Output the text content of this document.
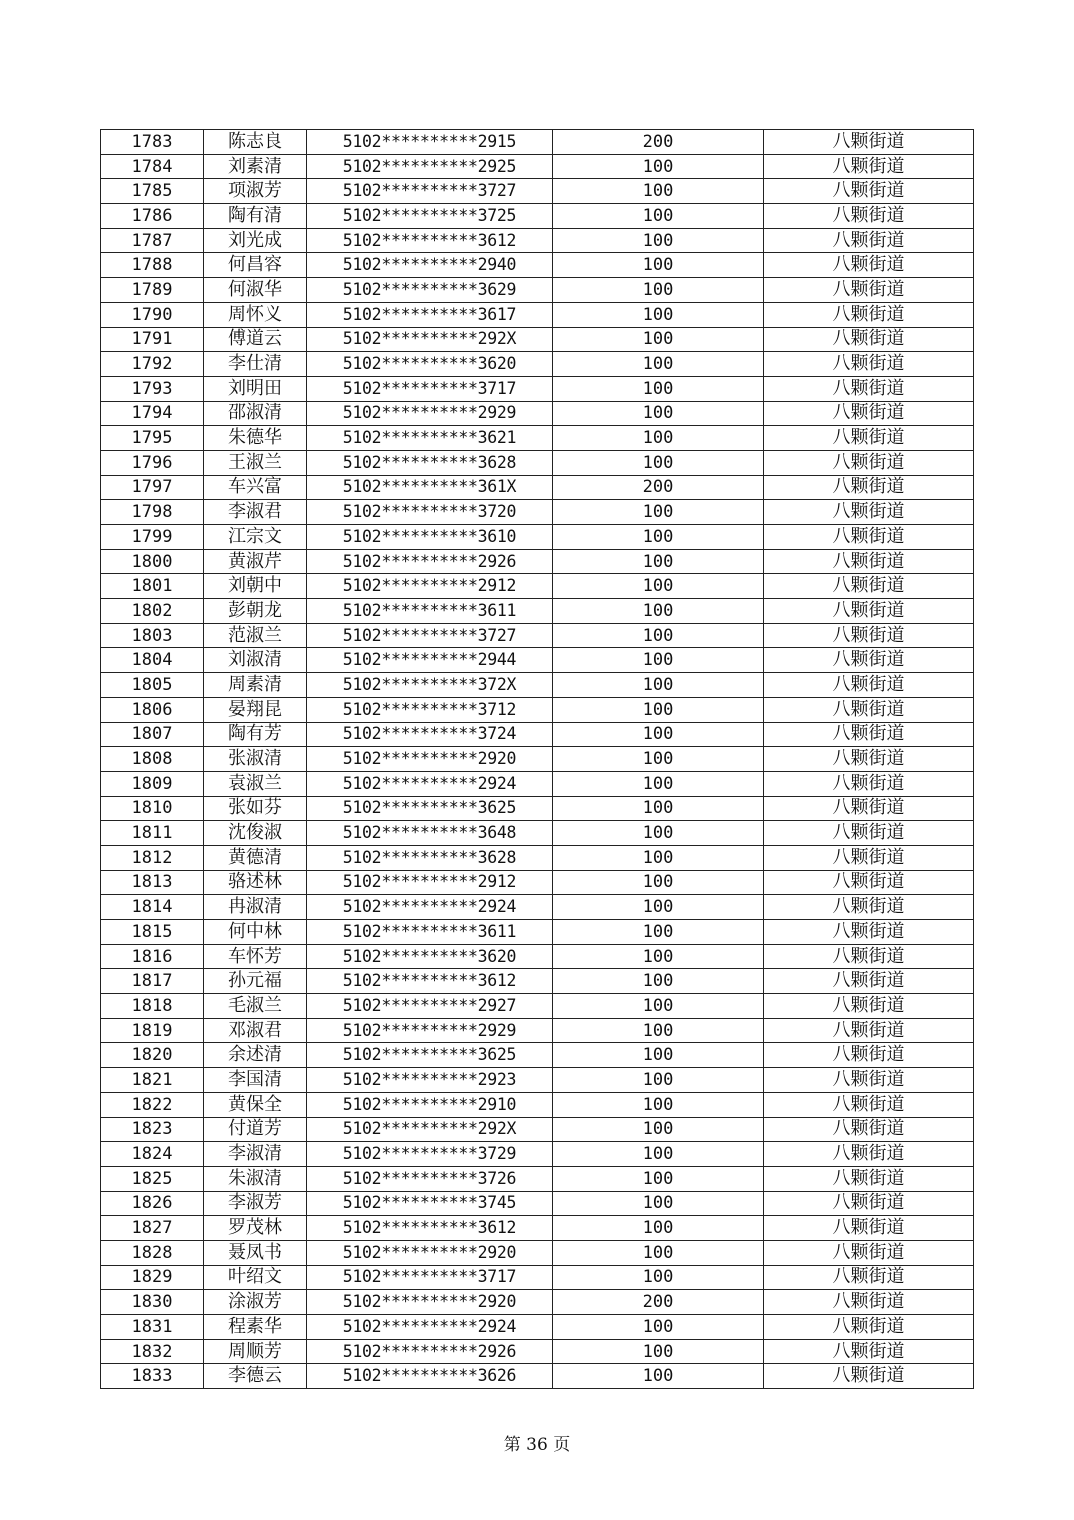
1783	陈志良	5102**********2915	200	八颗街道
1784	刘素清	5102**********2925	100	八颗街道
1785	项淑芳	5102**********3727	100	八颗街道
1786	陶有清	5102**********3725	100	八颗街道
1787	刘光成	5102**********3612	100	八颗街道
1788	何昌容	5102**********2940	100	八颗街道
1789	何淑华	5102**********3629	100	八颗街道
1790	周怀义	5102**********3617	100	八颗街道
1791	傅道云	5102**********292X	100	八颗街道
1792	李仕清	5102**********3620	100	八颗街道
1793	刘明田	5102**********3717	100	八颗街道
1794	邵淑清	5102**********2929	100	八颗街道
1795	朱德华	5102**********3621	100	八颗街道
1796	王淑兰	5102**********3628	100	八颗街道
1797	车兴富	5102**********361X	200	八颗街道
1798	李淑君	5102**********3720	100	八颗街道
1799	江宗文	5102**********3610	100	八颗街道
1800	黄淑芹	5102**********2926	100	八颗街道
1801	刘朝中	5102**********2912	100	八颗街道
1802	彭朝龙	5102**********3611	100	八颗街道
1803	范淑兰	5102**********3727	100	八颗街道
1804	刘淑清	5102**********2944	100	八颗街道
1805	周素清	5102**********372X	100	八颗街道
1806	晏翔昆	5102**********3712	100	八颗街道
1807	陶有芳	5102**********3724	100	八颗街道
1808	张淑清	5102**********2920	100	八颗街道
1809	袁淑兰	5102**********2924	100	八颗街道
1810	张如芬	5102**********3625	100	八颗街道
1811	沈俊淑	5102**********3648	100	八颗街道
1812	黄德清	5102**********3628	100	八颗街道
1813	骆述林	5102**********2912	100	八颗街道
1814	冉淑清	5102**********2924	100	八颗街道
1815	何中林	5102**********3611	100	八颗街道
1816	车怀芳	5102**********3620	100	八颗街道
1817	孙元福	5102**********3612	100	八颗街道
1818	毛淑兰	5102**********2927	100	八颗街道
1819	邓淑君	5102**********2929	100	八颗街道
1820	余述清	5102**********3625	100	八颗街道
1821	李国清	5102**********2923	100	八颗街道
1822	黄保全	5102**********2910	100	八颗街道
1823	付道芳	5102**********292X	100	八颗街道
1824	李淑清	5102**********3729	100	八颗街道
1825	朱淑清	5102**********3726	100	八颗街道
1826	李淑芳	5102**********3745	100	八颗街道
1827	罗茂林	5102**********3612	100	八颗街道
1828	聂凤书	5102**********2920	100	八颗街道
1829	叶绍文	5102**********3717	100	八颗街道
1830	涂淑芳	5102**********2920	200	八颗街道
1831	程素华	5102**********2924	100	八颗街道
1832	周顺芳	5102**********2926	100	八颗街道
1833	李德云	5102**********3626	100	八颗街道
第 36 页
